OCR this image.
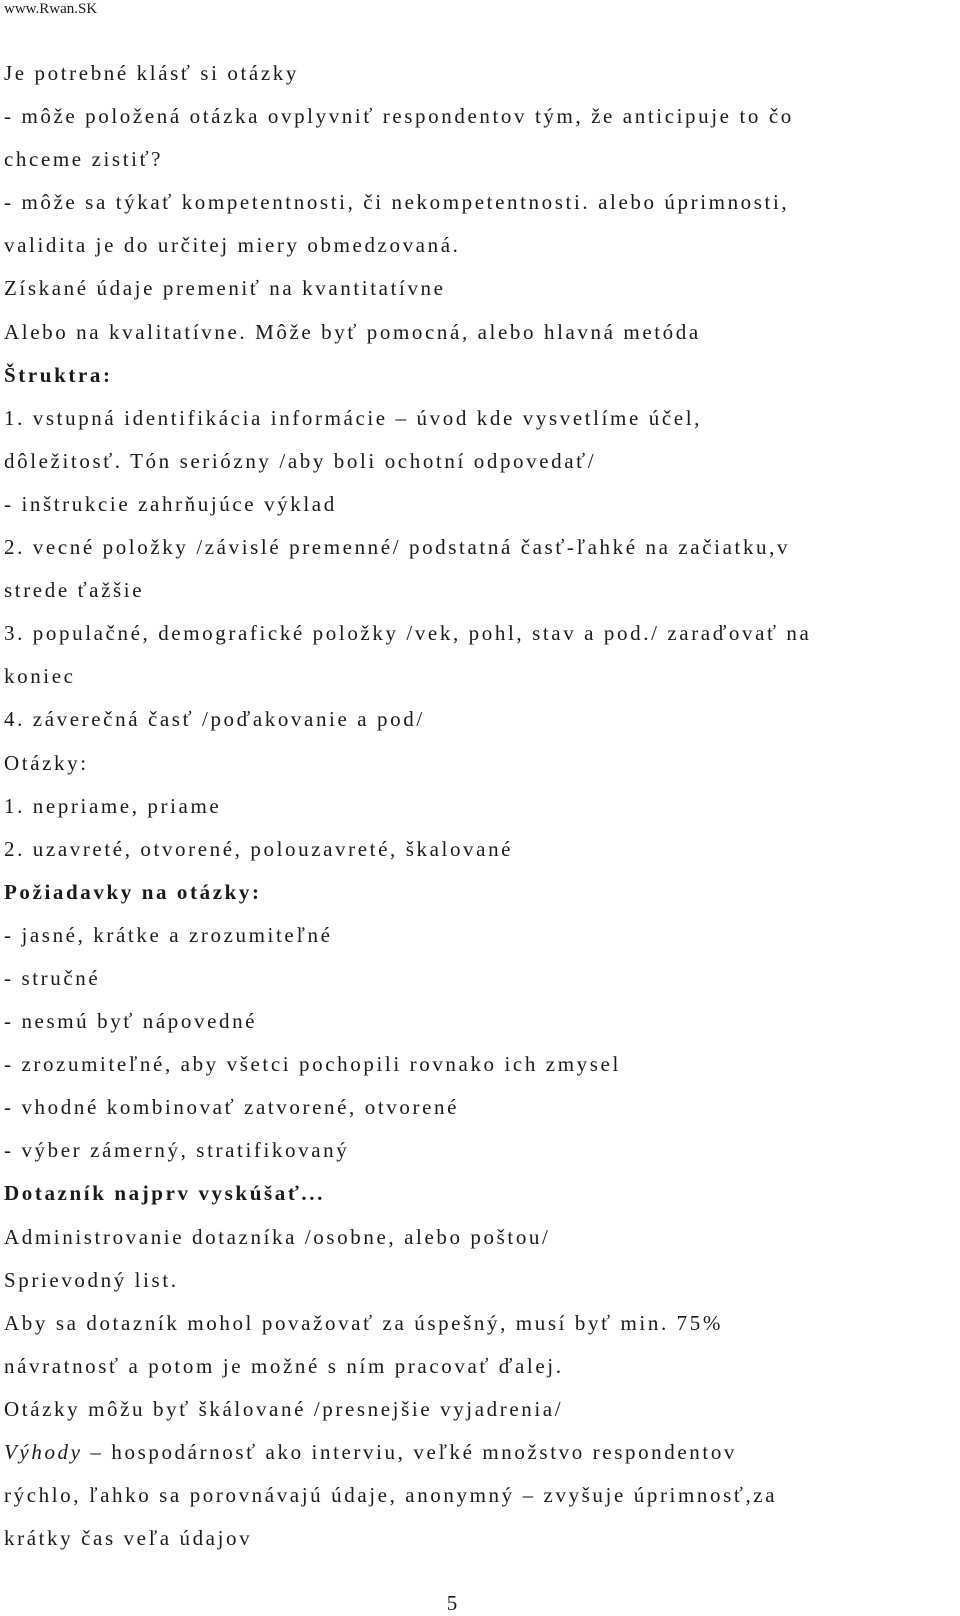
www.Rwan.SK
Je potrebné klásť si otázky
- môže položená otázka ovplyvniť respondentov tým, že anticipuje to čo
chceme zistiť?
- môže sa týkať kompetentnosti, či nekompetentnosti. alebo úprimnosti,
validita je do určitej miery obmedzovaná.
Získané údaje premeniť na kvantitatívne
Alebo na kvalitatívne. Môže byť pomocná, alebo hlavná metóda
Štruktra:
1. vstupná identifikácia informácie – úvod kde vysvetlíme účel,
dôležitosť. Tón seriózny /aby boli ochotní odpovedať/
- inštrukcie zahrňujúce výklad
2. vecné položky /závislé premenné/ podstatná časť-ľahké na začiatku,v
strede ťažšie
3. populačné, demografické položky /vek, pohl, stav a pod./ zaraďovať na
koniec
4. záverečná časť /poďakovanie a pod/
Otázky:
1. nepriame, priame
2. uzavreté, otvorené, polouzavreté, škalované
Požiadavky na otázky:
- jasné, krátke a zrozumiteľné
- stručné
- nesmú byť nápovedné
- zrozumiteľné, aby všetci pochopili rovnako ich zmysel
- vhodné kombinovať zatvorené, otvorené
- výber zámerný, stratifikovaný
Dotazník najprv vyskúšať...
Administrovanie dotazníka /osobne, alebo poštou/
Sprievodný list.
Aby sa dotazník mohol považovať za úspešný, musí byť min. 75%
návratnosť a potom je možné s ním pracovať ďalej.
Otázky môžu byť škálované /presnejšie vyjadrenia/
Výhody – hospodárnosť ako interviu, veľké množstvo respondentov
rýchlo, ľahko sa porovnávajú údaje, anonymný – zvyšuje úprimnosť,za
krátky čas veľa údajov
5
